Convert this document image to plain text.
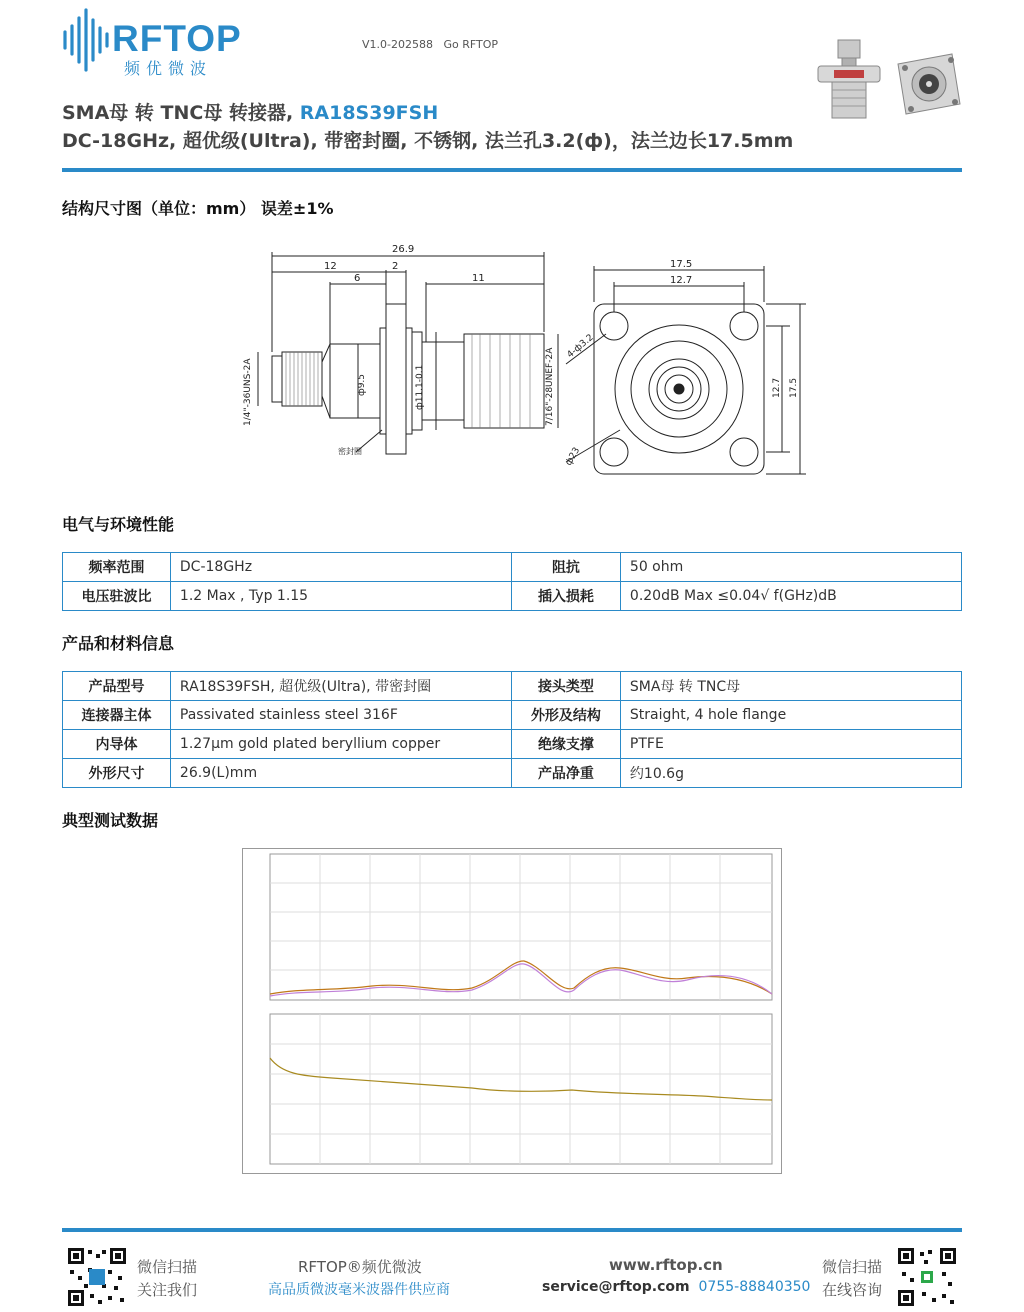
RFTOP
频优微波
V1.0-202588 Go RFTOP
SMA母 转 TNC母 转接器, RA18S39FSH
DC-18GHz, 超优级(Ultra), 带密封圈, 不锈钢, 法兰孔3.2(ф)，法兰边长17.5mm
结构尺寸图（单位：mm） 误差±1%
26.9
12	2
6	11
密封圈
1/4"-36UNS-2A	ф9.5	ф11.1-0.1	7/16"-28UNEF-2A
17.5
12.7
4-ф3.2
ф23
12.7 17.5
电气与环境性能
频率范围	DC-18GHz	阻抗	50 ohm
电压驻波比	1.2 Max , Typ 1.15	插入损耗	0.20dB Max ≤0.04√ f(GHz)dB
产品和材料信息
产品型号	RA18S39FSH, 超优级(Ultra), 带密封圈	接头类型	SMA母 转 TNC母
连接器主体	Passivated stainless steel 316F	外形及结构	Straight, 4 hole flange
内导体	1.27μm gold plated beryllium copper	绝缘支撑	PTFE
外形尺寸	26.9(L)mm	产品净重	约10.6g
典型测试数据
微信扫描
关注我们
RFTOP®频优微波
高品质微波毫米波器件供应商
www.rftop.cn
service@rftop.com 0755-88840350
微信扫描
在线咨询
